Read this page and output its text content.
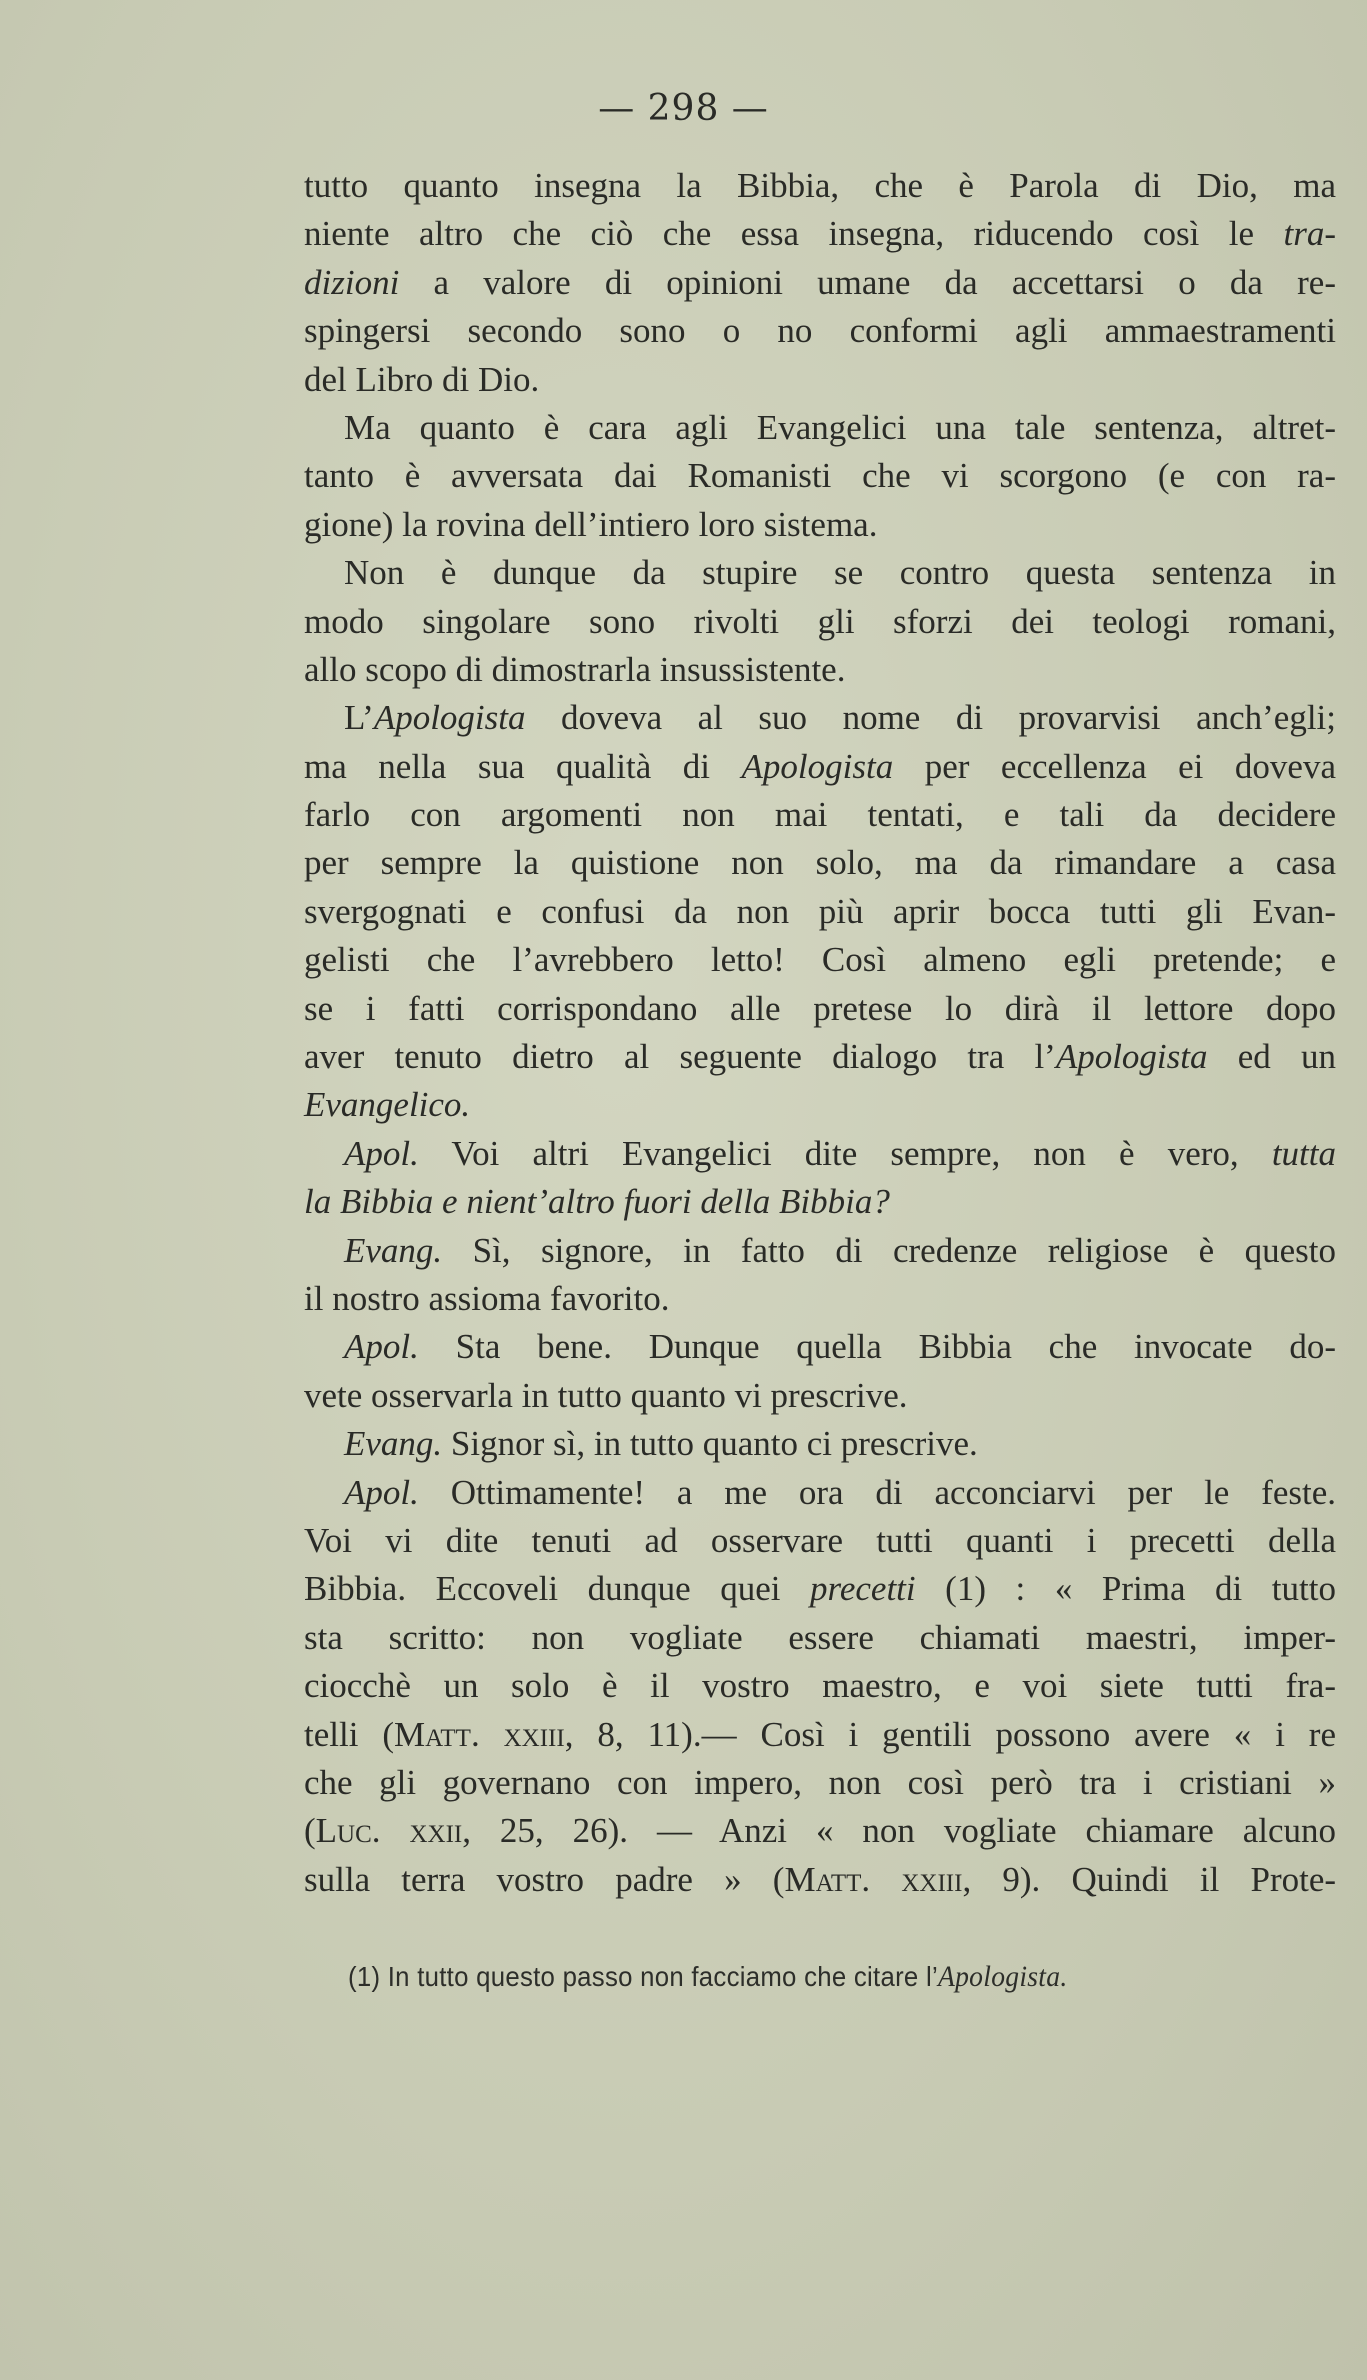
— 298 —
tutto quanto insegna la Bibbia, che è Parola di Dio, ma
niente altro che ciò che essa insegna, riducendo così le tra-
dizioni a valore di opinioni umane da accettarsi o da re-
spingersi secondo sono o no conformi agli ammaestramenti
del Libro di Dio.
Ma quanto è cara agli Evangelici una tale sentenza, altret-
tanto è avversata dai Romanisti che vi scorgono (e con ra-
gione) la rovina dell’intiero loro sistema.
Non è dunque da stupire se contro questa sentenza in
modo singolare sono rivolti gli sforzi dei teologi romani,
allo scopo di dimostrarla insussistente.
L’Apologista doveva al suo nome di provarvisi anch’egli;
ma nella sua qualità di Apologista per eccellenza ei doveva
farlo con argomenti non mai tentati, e tali da decidere
per sempre la quistione non solo, ma da rimandare a casa
svergognati e confusi da non più aprir bocca tutti gli Evan-
gelisti che l’avrebbero letto! Così almeno egli pretende; e
se i fatti corrispondano alle pretese lo dirà il lettore dopo
aver tenuto dietro al seguente dialogo tra l’Apologista ed un
Evangelico.
Apol. Voi altri Evangelici dite sempre, non è vero, tutta
la Bibbia e nient’altro fuori della Bibbia?
Evang. Sì, signore, in fatto di credenze religiose è questo
il nostro assioma favorito.
Apol. Sta bene. Dunque quella Bibbia che invocate do-
vete osservarla in tutto quanto vi prescrive.
Evang. Signor sì, in tutto quanto ci prescrive.
Apol. Ottimamente! a me ora di acconciarvi per le feste.
Voi vi dite tenuti ad osservare tutti quanti i precetti della
Bibbia. Eccoveli dunque quei precetti (1) : « Prima di tutto
sta scritto: non vogliate essere chiamati maestri, imper-
ciocchè un solo è il vostro maestro, e voi siete tutti fra-
telli (Matt. xxiii, 8, 11).— Così i gentili possono avere « i re
che gli governano con impero, non così però tra i cristiani »
(Luc. xxii, 25, 26). — Anzi « non vogliate chiamare alcuno
sulla terra vostro padre » (Matt. xxiii, 9). Quindi il Prote-
(1) In tutto questo passo non facciamo che citare l’Apologista.
